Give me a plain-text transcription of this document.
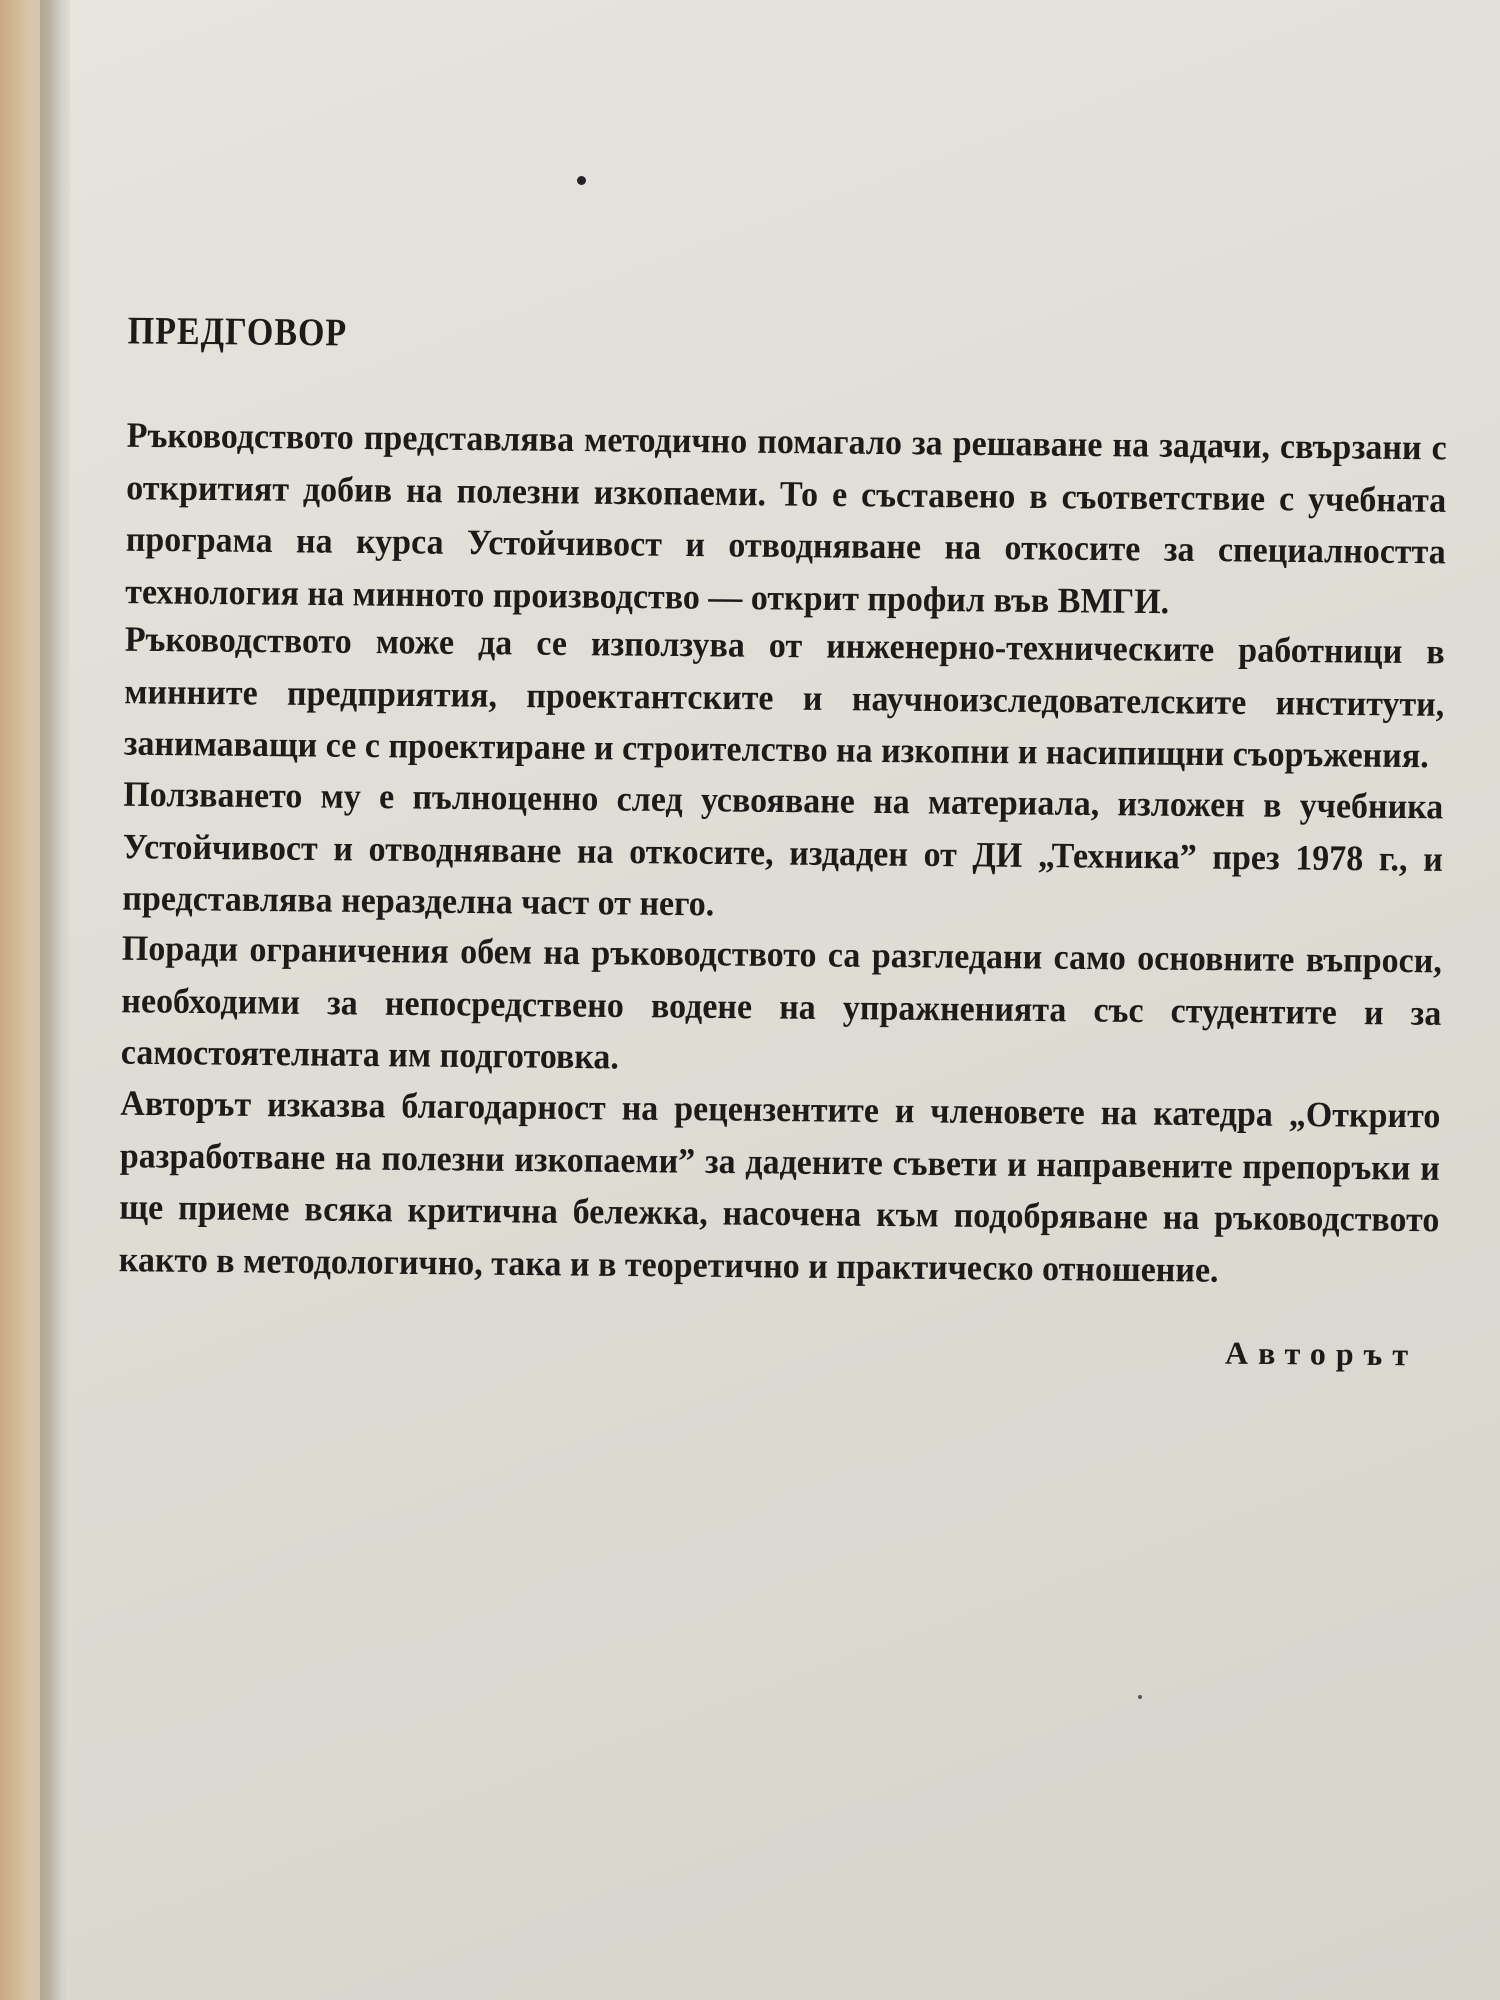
ПРЕДГОВОР

Ръководството представлява методично помагало за решаване на задачи, свързани с откритият добив на полезни изкопаеми. То е съставено в съответствие с учебната програма на курса Устойчивост и отводняване на откосите за специалността технология на минното производство — открит профил във ВМГИ.

Ръководството може да се използува от инженерно-техническите работници в минните предприятия, проектантските и научноизследователските институти, занимаващи се с проектиране и строителство на изкопни и насипищни съоръжения.

Ползването му е пълноценно след усвояване на материала, изложен в учебника Устойчивост и отводняване на откосите, издаден от ДИ „Техника” през 1978 г., и представлява неразделна част от него.

Поради ограничения обем на ръководството са разгледани само основните въпроси, необходими за непосредствено водене на упражненията със студентите и за самостоятелната им подготовка.

Авторът изказва благодарност на рецензентите и членовете на катедра „Открито разработване на полезни изкопаеми” за дадените съвети и направените препоръки и ще приеме всяка критична бележка, насочена към подобряване на ръководството както в методологично, така и в теоретично и практическо отношение.

Авторът
